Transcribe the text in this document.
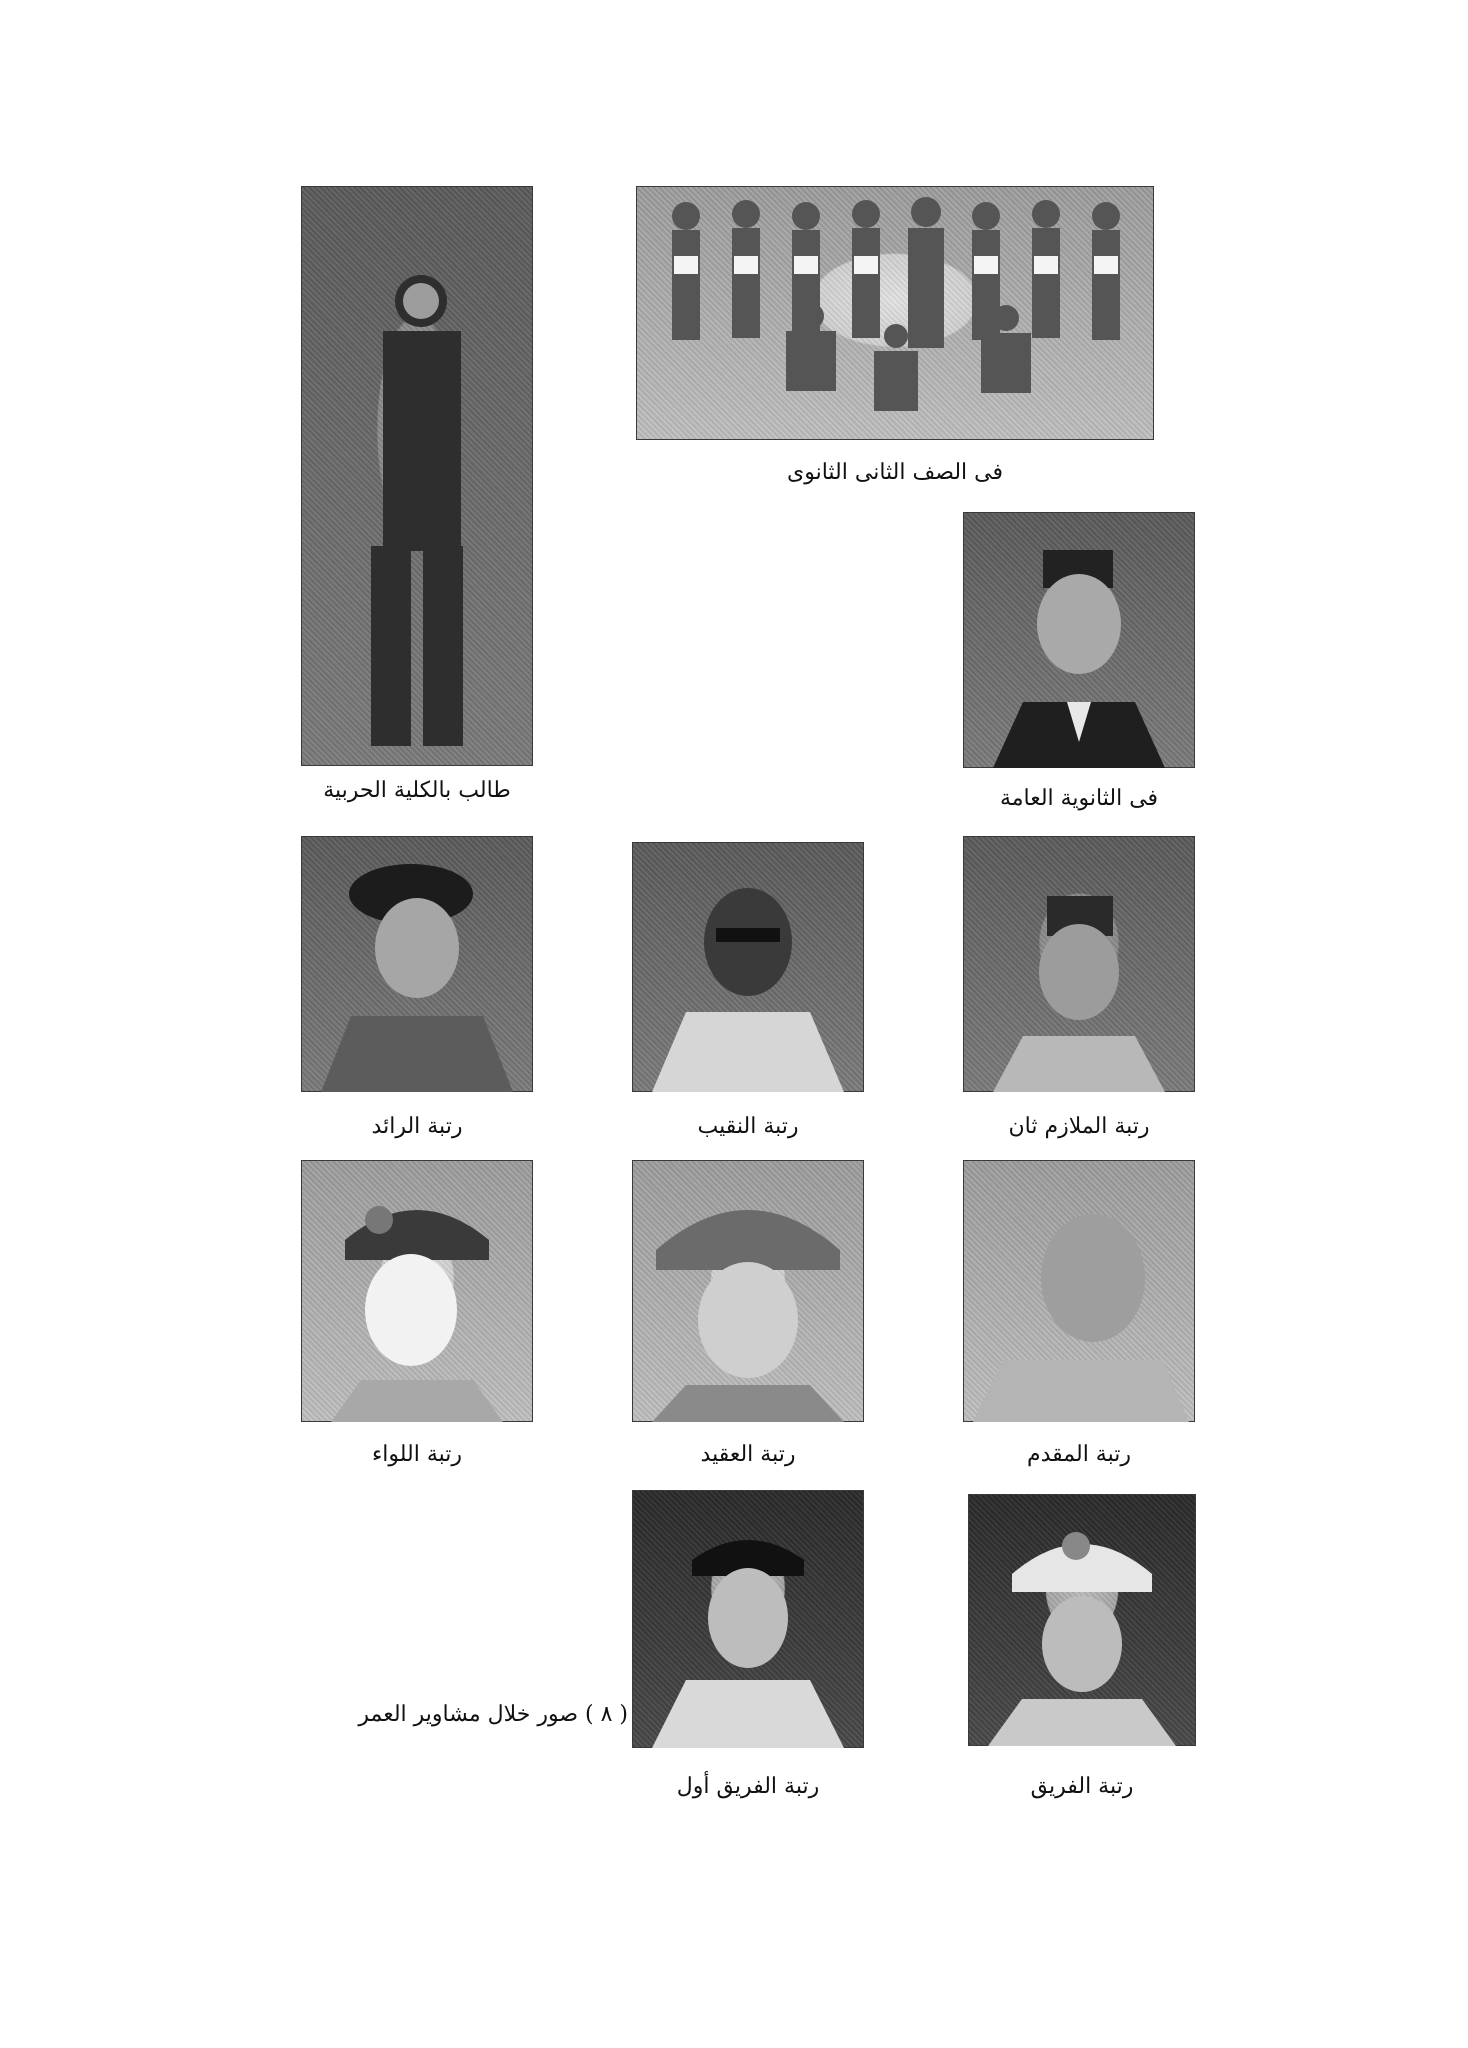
فى الصف الثانى الثانوى
طالب بالكلية الحربية	فى الثانوية العامة
رتبة الرائد	رتبة النقيب	رتبة الملازم ثان
رتبة اللواء	رتبة العقيد	رتبة المقدم
( ٨ ) صور خلال مشاوير العمر
رتبة الفريق أول	رتبة الفريق
